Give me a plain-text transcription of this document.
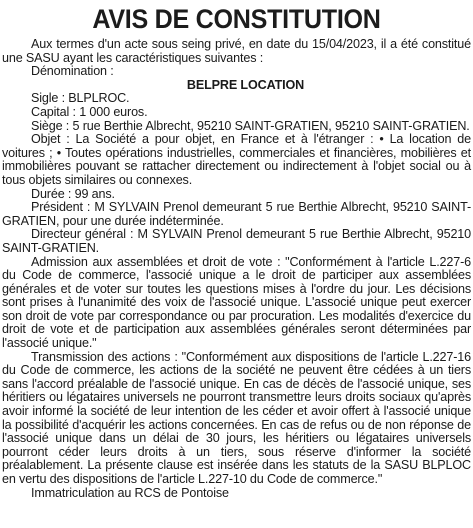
AVIS DE CONSTITUTION

Aux termes d'un acte sous seing privé, en date du 15/04/2023, il a été constitué une SASU ayant les caractéristiques suivantes :

Dénomination :

BELPRE LOCATION

Sigle : BLPLROC.

Capital : 1 000 euros.

Siège : 5 rue Berthie Albrecht, 95210 SAINT-GRATIEN, 95210 SAINT-GRATIEN.

Objet : La Société a pour objet, en France et à l'étranger : • La location de voitures ; • Toutes opérations industrielles, commerciales et financières, mobilières et immobilières pouvant se rattacher directement ou indirectement à l'objet social ou à tous objets similaires ou connexes.

Durée : 99 ans.

Président : M SYLVAIN Prenol demeurant 5 rue Berthie Albrecht, 95210 SAINT-GRATIEN, pour une durée indéterminée.

Directeur général : M SYLVAIN Prenol demeurant 5 rue Berthie Albrecht, 95210 SAINT-GRATIEN.

Admission aux assemblées et droit de vote : "Conformément à l'article L.227-6 du Code de commerce, l'associé unique a le droit de participer aux assemblées générales et de voter sur toutes les questions mises à l'ordre du jour. Les décisions sont prises à l'unanimité des voix de l'associé unique. L'associé unique peut exercer son droit de vote par correspondance ou par procuration. Les modalités d'exercice du droit de vote et de participation aux assemblées générales seront déterminées par l'associé unique."

Transmission des actions : "Conformément aux dispositions de l'article L.227-16 du Code de commerce, les actions de la société ne peuvent être cédées à un tiers sans l'accord préalable de l'associé unique. En cas de décès de l'associé unique, ses héritiers ou légataires universels ne pourront transmettre leurs droits sociaux qu'après avoir informé la société de leur intention de les céder et avoir offert à l'associé unique la possibilité d'acquérir les actions concernées. En cas de refus ou de non réponse de l'associé unique dans un délai de 30 jours, les héritiers ou légataires universels pourront céder leurs droits à un tiers, sous réserve d'informer la société préalablement. La présente clause est insérée dans les statuts de la SASU BLPLOC en vertu des dispositions de l'article L.227-10 du Code de commerce."

Immatriculation au RCS de Pontoise
